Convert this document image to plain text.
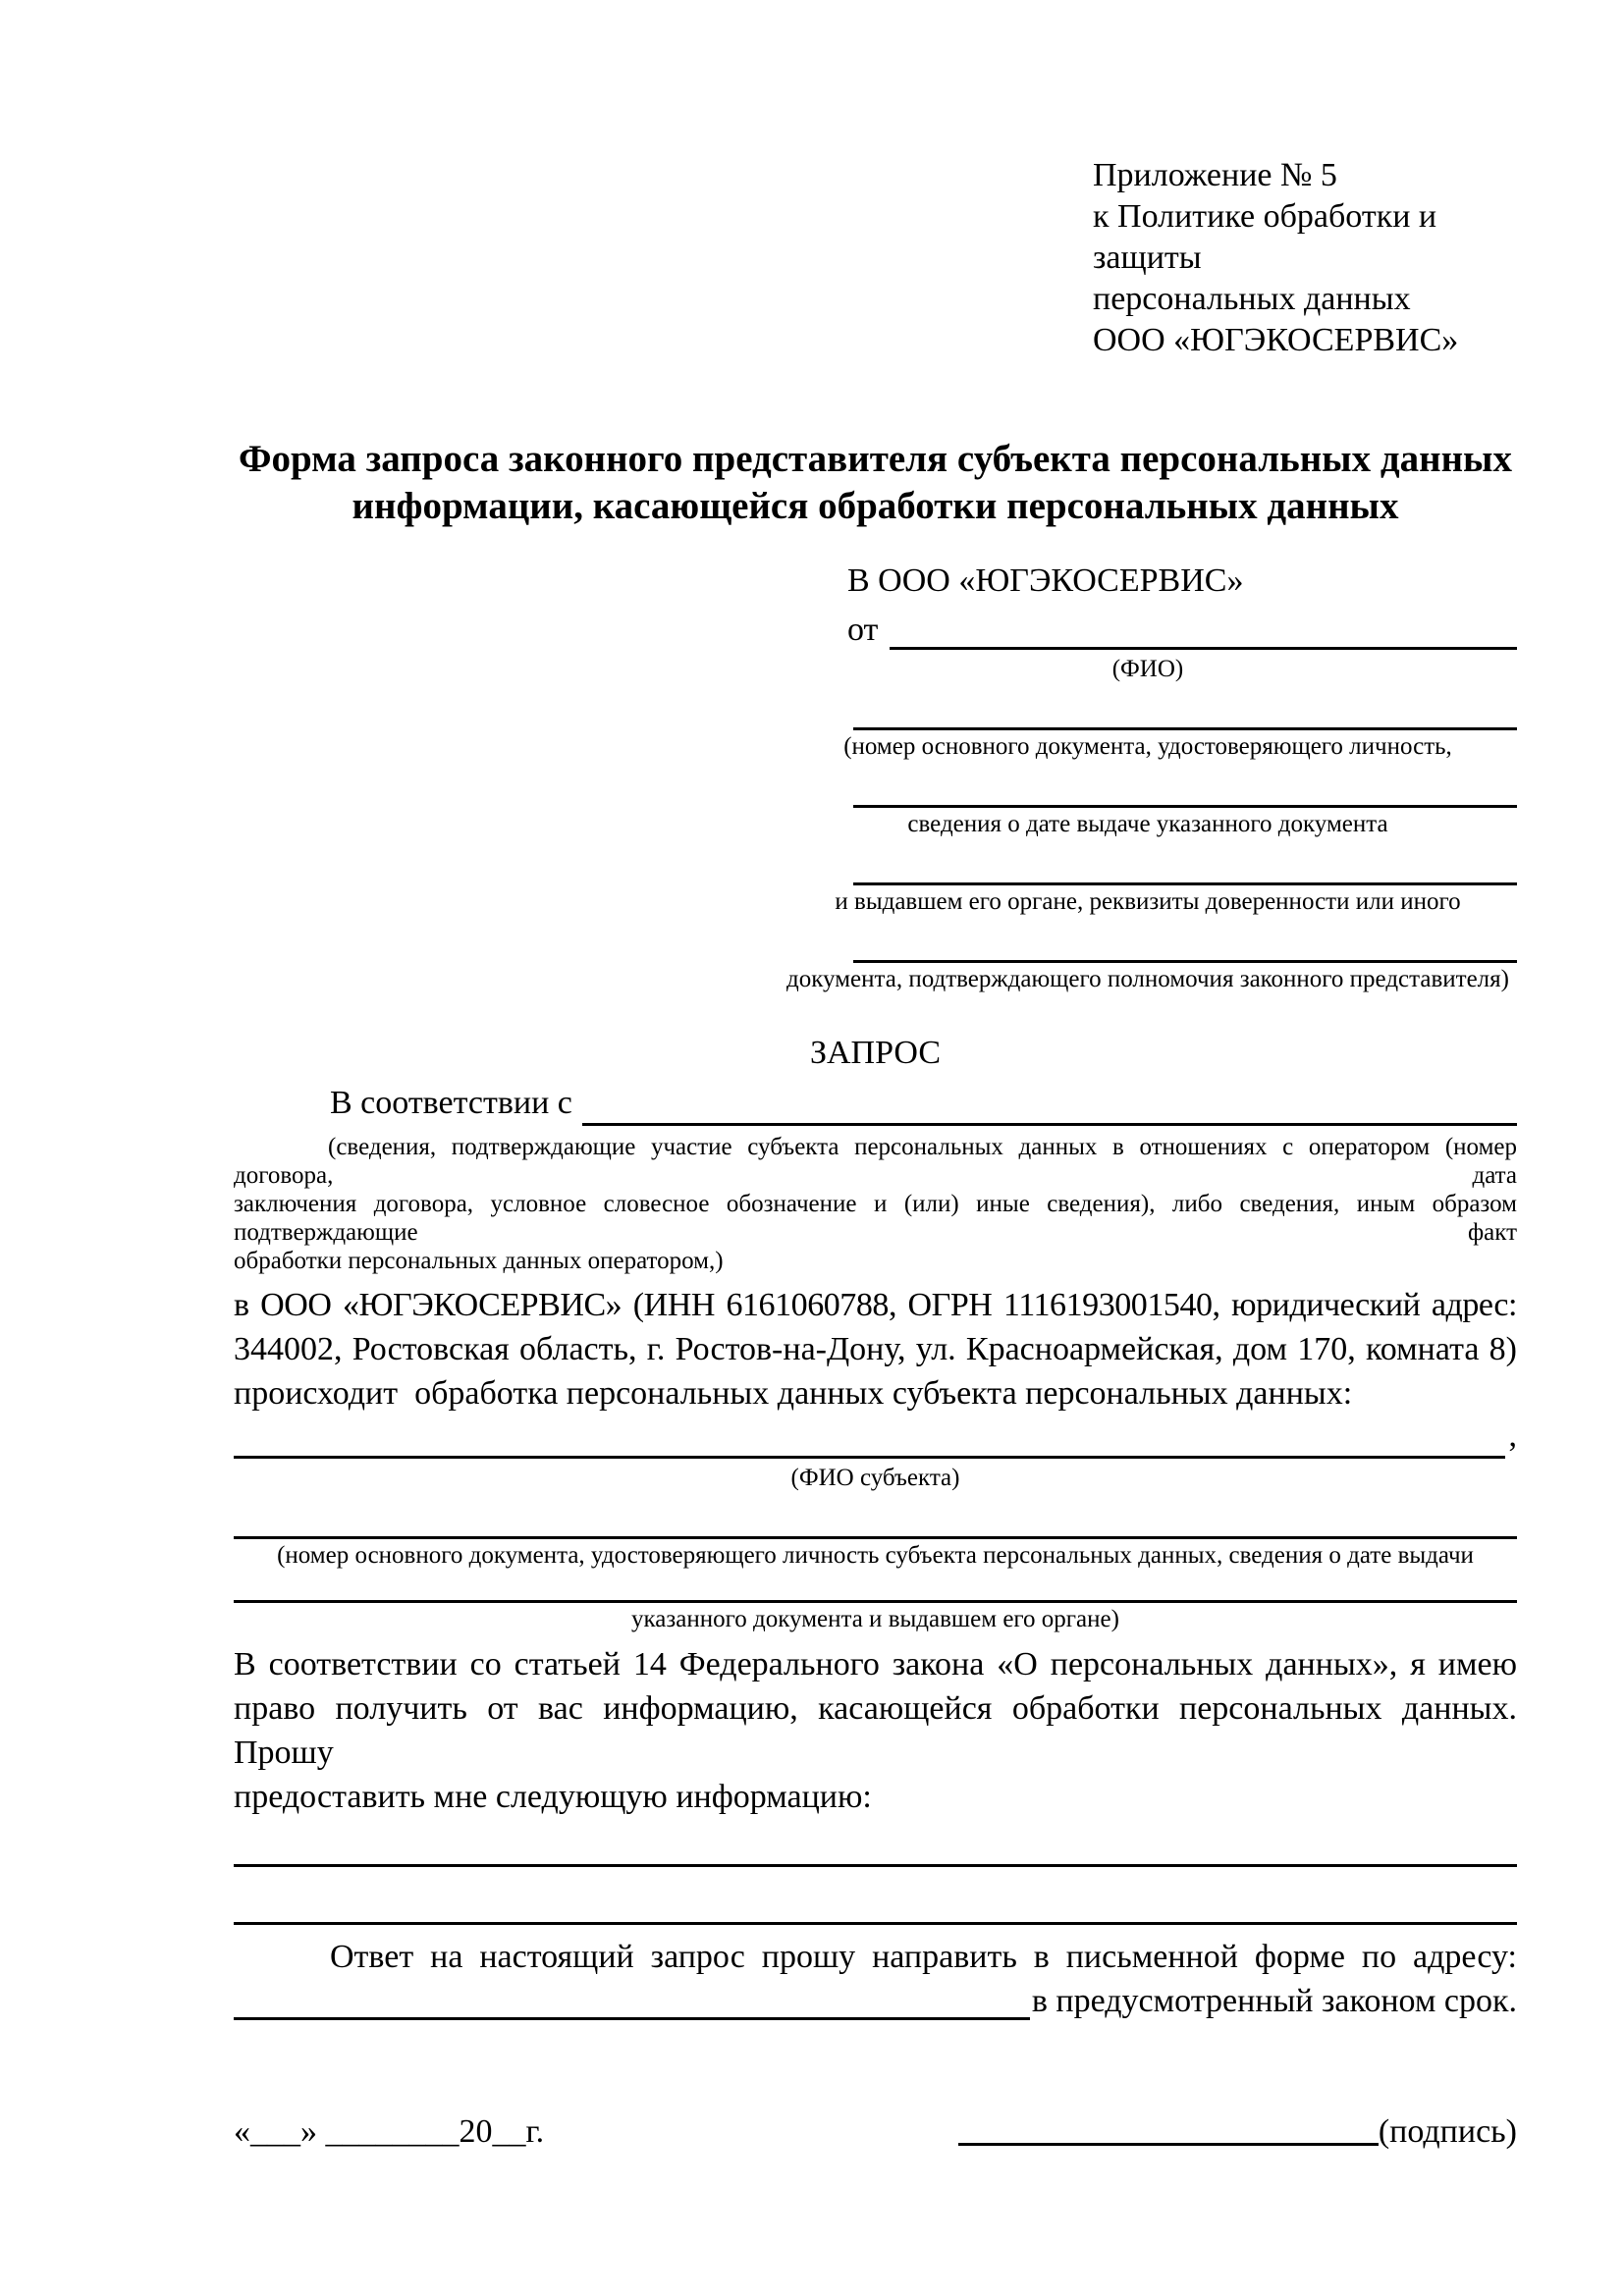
Приложение № 5
к Политике обработки и защиты
персональных данных
ООО «ЮГЭКОСЕРВИС»
Форма запроса законного представителя субъекта персональных данных
информации, касающейся обработки персональных данных
В ООО «ЮГЭКОСЕРВИС»
от
(ФИО)
(номер основного документа, удостоверяющего личность,
сведения о дате выдаче указанного документа
и выдавшем его органе, реквизиты доверенности или иного
документа, подтверждающего полномочия законного представителя)
ЗАПРОС
В соответствии с
(сведения, подтверждающие участие субъекта персональных данных в отношениях с оператором (номер договора, дата
заключения договора, условное словесное обозначение и (или) иные сведения), либо сведения, иным образом подтверждающие факт
обработки персональных данных оператором,)
в ООО «ЮГЭКОСЕРВИС» (ИНН 6161060788, ОГРН 1116193001540, юридический адрес:
344002, Ростовская область, г. Ростов-на-Дону, ул. Красноармейская, дом 170, комната 8)
происходит  обработка персональных данных субъекта персональных данных:
,
(ФИО субъекта)
(номер основного документа, удостоверяющего личность субъекта персональных данных, сведения о дате выдачи
указанного документа и выдавшем его органе)
В соответствии со статьей 14 Федерального закона «О персональных данных», я имею
право получить от вас информацию, касающейся обработки персональных данных. Прошу
предоставить мне следующую информацию:
Ответ на настоящий запрос прошу направить в письменной форме по адресу:
в предусмотренный законом срок.
«___» ________20__г.	(подпись)
